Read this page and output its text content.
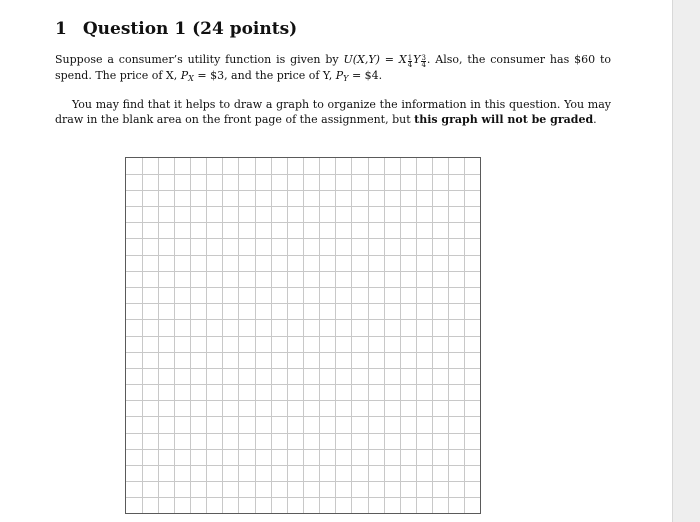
1 Question 1 (24 points)
Suppose a consumer’s utility function is given by U(X,Y) = X $\frac{1}{4}$ Y $\frac{3}{4}$ . Also, the consumer has $60 to spend. The price of X, $P_X$ = $3, and the price of Y, $P_Y$ = $4.
You may find that it helps to draw a graph to organize the information in this question. You may draw in the blank area on the front page of the assignment, but this graph will not be graded.
